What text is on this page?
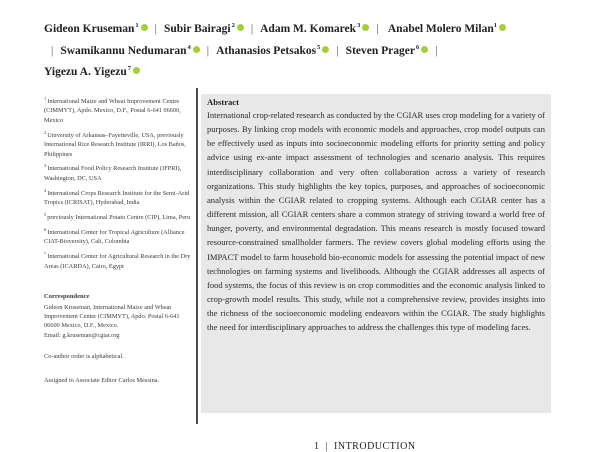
Gideon Kruseman$^1$ | Subir Bairagi$^2$ | Adam M. Komarek$^3$ | Anabel Molero Milan$^1$| Swamikannu Nedumaran$^4$ | Athanasios Petsakos$^5$ | Steven Prager$^6$ |
Yigezu A. Yigezu$^7$
$^1$International Maize and Wheat Improvement Centre (CIMMYT), Apdo. Mexico, D.F., Postal 6-641 06600, Mexico
$^2$University of Arkansas–Fayetteville, USA, previously International Rice Research Institute (IRRI), Los Baños, Philippines
$^3$International Food Policy Research Institute (IFPRI), Washington, DC, USA
$^4$International Crops Research Institute for the Semi-Arid Tropics (ICRISAT), Hyderabad, India
$^5$previously International Potato Centre (CIP), Lima, Peru
$^6$International Center for Tropical Agriculture (Alliance CIAT-Bioversity), Cali, Colombia
$^7$International Center for Agricultural Research in the Dry Areas (ICARDA), Cairo, Egypt
Correspondence
Gideon Kruseman, International Maize and Wheat Improvement Center (CIMMYT), Apdo. Postal 6-641 06600 Mexico, D.F., Mexico.
Email: g.kruseman@cgiar.org
Co-author order is alphabetical.
Assigned to Associate Editor Carlos Messina.
Abstract

International crop-related research as conducted by the CGIAR uses crop modeling for a variety of purposes. By linking crop models with economic models and approaches, crop model outputs can be effectively used as inputs into socioeconomic modeling efforts for priority setting and policy advice using ex-ante impact assessment of technologies and scenario analysis. This requires interdisciplinary collaboration and very often collaboration across a variety of research organizations. This study highlights the key topics, purposes, and approaches of socioeconomic analysis within the CGIAR related to cropping systems. Although each CGIAR center has a different mission, all CGIAR centers share a common strategy of striving toward a world free of hunger, poverty, and environmental degradation. This means research is mostly focused toward resource-constrained smallholder farmers. The review covers global modeling efforts using the IMPACT model to farm household bio-economic models for assessing the potential impact of new technologies on farming systems and livelihoods. Although the CGIAR addresses all aspects of food systems, the focus of this review is on crop commodities and the economic analysis linked to crop-growth model results. This study, while not a comprehensive review, provides insights into the richness of the socioeconomic modeling endeavors within the CGIAR. The study highlights the need for interdisciplinary approaches to address the challenges this type of modeling faces.

1 | INTRODUCTION
